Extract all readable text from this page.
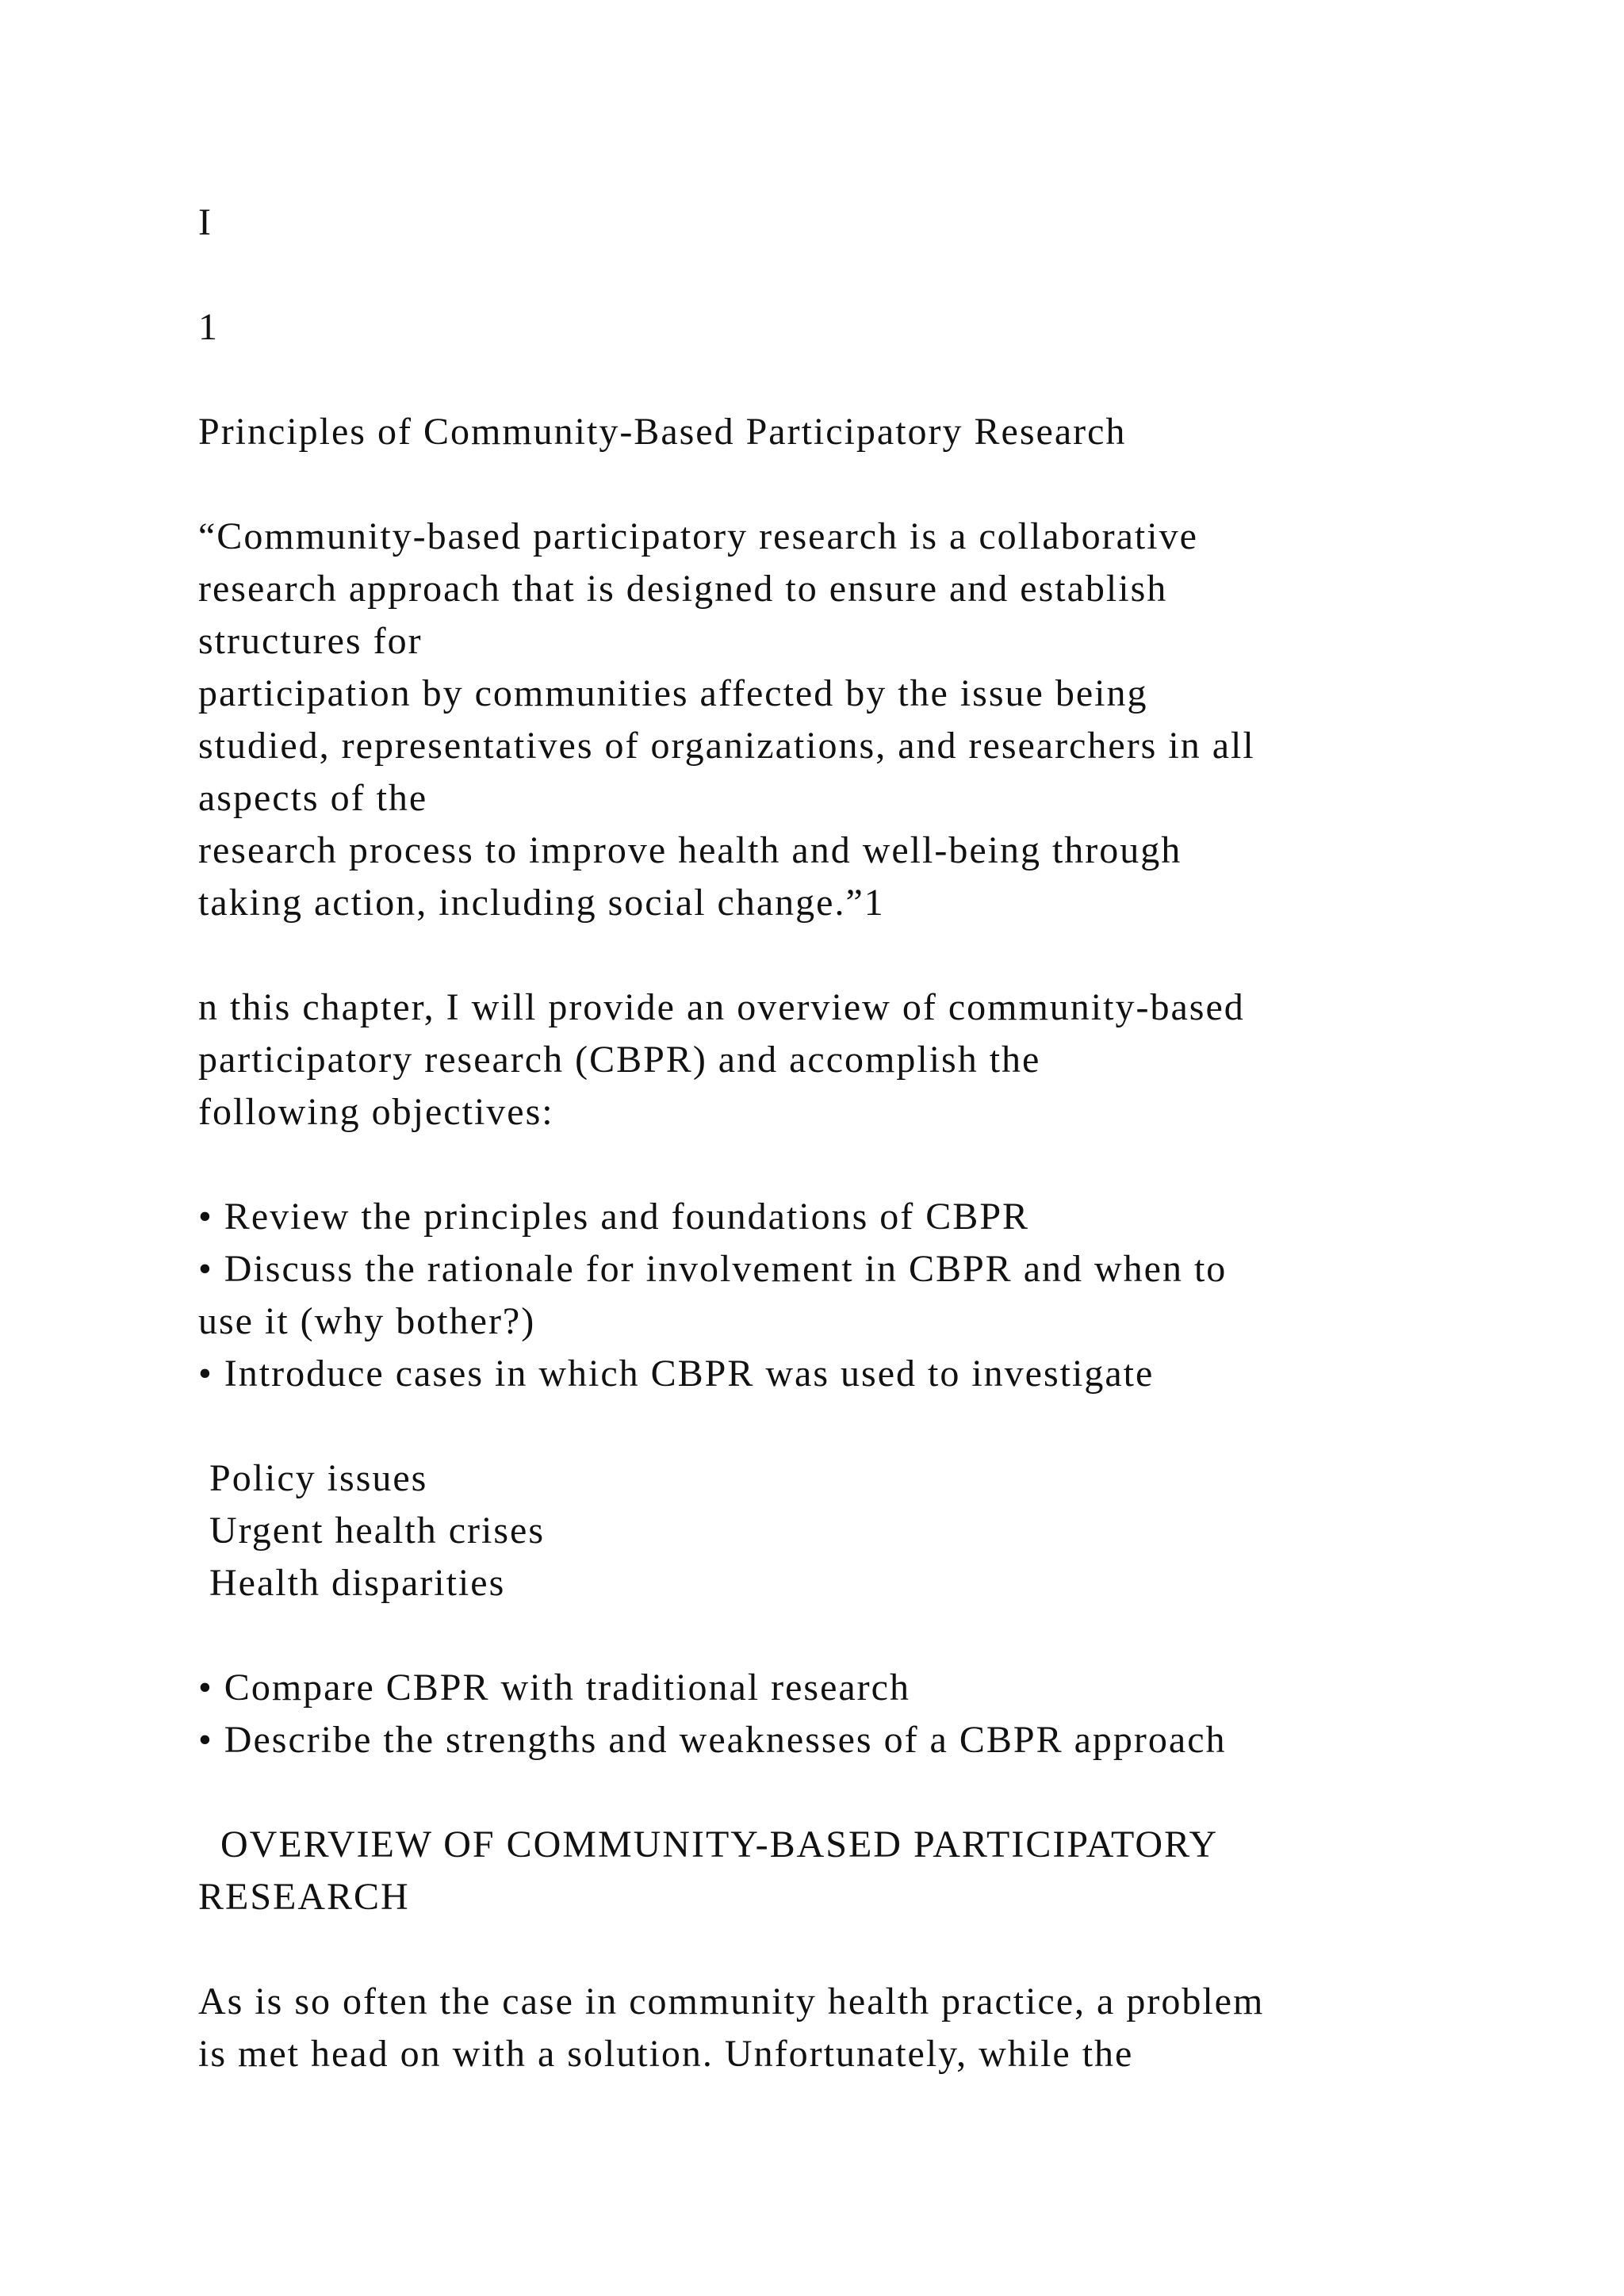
I

1

Principles of Community-Based Participatory Research

“Community-based participatory research is a collaborative

research approach that is designed to ensure and establish

structures for

participation by communities affected by the issue being

studied, representatives of organizations, and researchers in all

aspects of the

research process to improve health and well-being through

taking action, including social change.”1

n this chapter, I will provide an overview of community-based

participatory research (CBPR) and accomplish the

following objectives:

• Review the principles and foundations of CBPR

• Discuss the rationale for involvement in CBPR and when to

use it (why bother?)

• Introduce cases in which CBPR was used to investigate

Policy issues

Urgent health crises

Health disparities

• Compare CBPR with traditional research

• Describe the strengths and weaknesses of a CBPR approach

OVERVIEW OF COMMUNITY-BASED PARTICIPATORY

RESEARCH

As is so often the case in community health practice, a problem

is met head on with a solution. Unfortunately, while the
